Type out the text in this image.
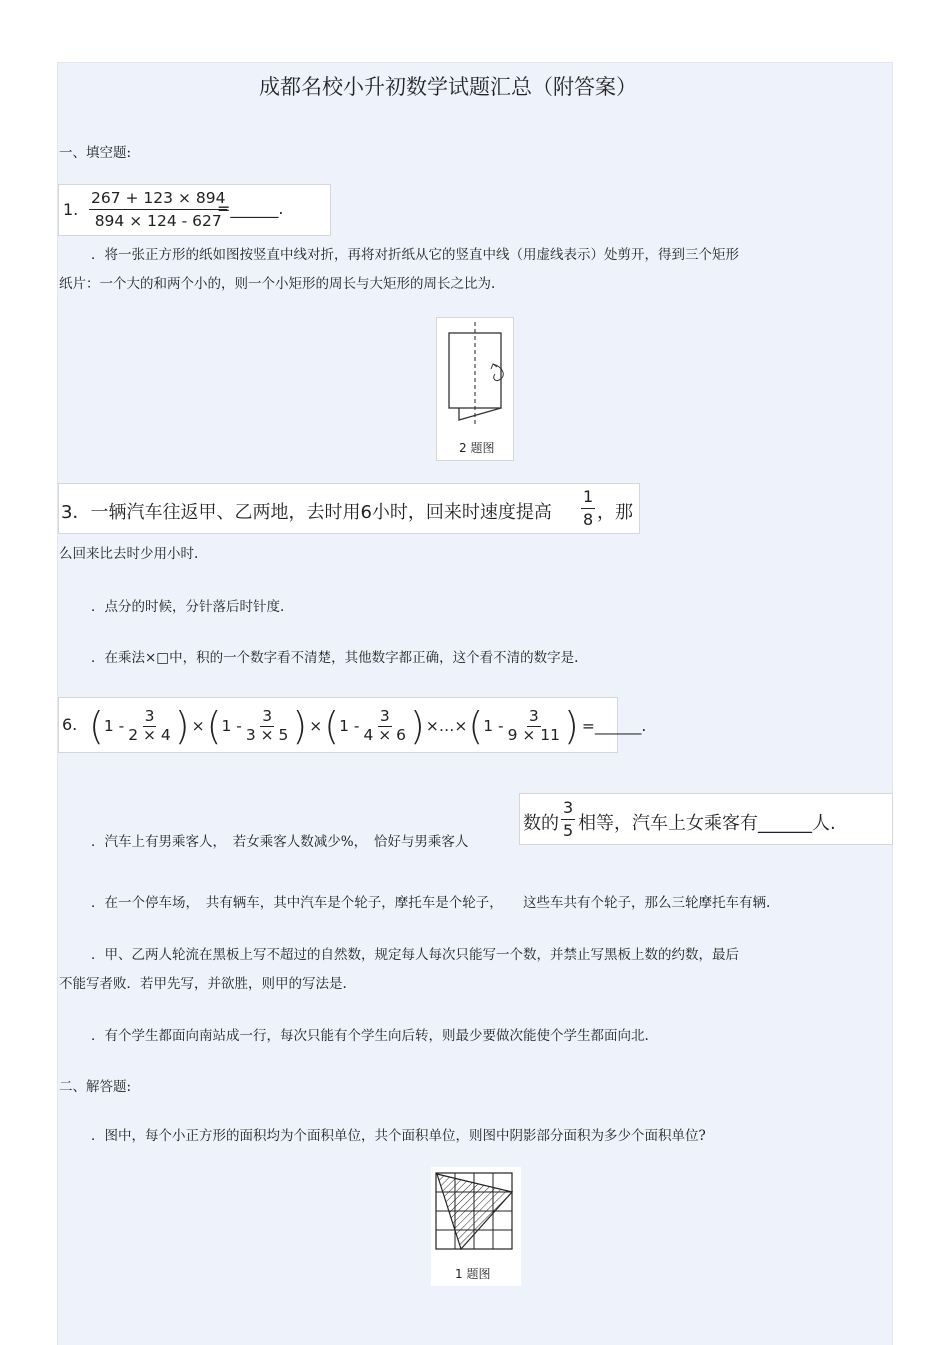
成都名校小升初数学试题汇总（附答案）
一、填空题:
1. $\frac{267 + 123 \times 894}{894 \times 124 - 627}$
=______.
．将一张正方形的纸如图按竖直中线对折，再将对折纸从它的竖直中线（用虚线表示）处剪开，得到三个矩形
纸片：一个大的和两个小的，则一个小矩形的周长与大矩形的周长之比为.
2 题图
3．一辆汽车往返甲、乙两地，去时用6小时，回来时速度提高 $\frac{1}{8}$ ，那
么回来比去时少用小时.
．点分的时候，分针落后时针度.
．在乘法×□中，积的一个数字看不清楚，其他数字都正确，这个看不清的数字是.
6. ( $1 - \frac{3}{2 \times 4}$ ) × ( $1 - \frac{3}{3 \times 5}$ ) × ( $1 - \frac{3}{4 \times 6}$ ) ×…× ( $1 - \frac{3}{9 \times 11}$ ) =______.
．汽车上有男乘客人，　若女乘客人数减少%，　恰好与男乘客人
数的 $\frac{3}{5}$ 相等，汽车上女乘客有______人.
．在一个停车场，　共有辆车，其中汽车是个轮子，摩托车是个轮子，　　这些车共有个轮子，那么三轮摩托车有辆.
．甲、乙两人轮流在黑板上写不超过的自然数，规定每人每次只能写一个数，并禁止写黑板上数的约数，最后
不能写者败．若甲先写，并欲胜，则甲的写法是.
．有个学生都面向南站成一行，每次只能有个学生向后转，则最少要做次能使个学生都面向北.
二、解答题:
．图中，每个小正方形的面积均为个面积单位，共个面积单位，则图中阴影部分面积为多少个面积单位?
1 题图
